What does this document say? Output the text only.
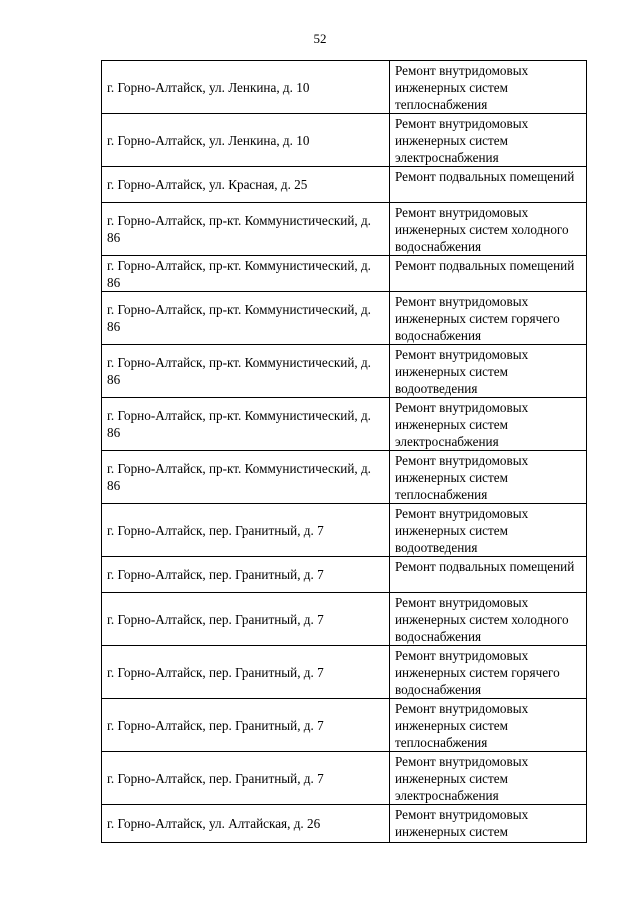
52
г. Горно-Алтайск, ул. Ленкина, д. 10	Ремонт внутридомовых инженерных систем теплоснабжения
г. Горно-Алтайск, ул. Ленкина, д. 10	Ремонт внутридомовых инженерных систем электроснабжения
г. Горно-Алтайск, ул. Красная, д. 25	Ремонт подвальных помещений
г. Горно-Алтайск, пр-кт. Коммунистический, д. 86	Ремонт внутридомовых инженерных систем холодного водоснабжения
г. Горно-Алтайск, пр-кт. Коммунистический, д. 86	Ремонт подвальных помещений
г. Горно-Алтайск, пр-кт. Коммунистический, д. 86	Ремонт внутридомовых инженерных систем горячего водоснабжения
г. Горно-Алтайск, пр-кт. Коммунистический, д. 86	Ремонт внутридомовых инженерных систем водоотведения
г. Горно-Алтайск, пр-кт. Коммунистический, д. 86	Ремонт внутридомовых инженерных систем электроснабжения
г. Горно-Алтайск, пр-кт. Коммунистический, д. 86	Ремонт внутридомовых инженерных систем теплоснабжения
г. Горно-Алтайск, пер. Гранитный, д. 7	Ремонт внутридомовых инженерных систем водоотведения
г. Горно-Алтайск, пер. Гранитный, д. 7	Ремонт подвальных помещений
г. Горно-Алтайск, пер. Гранитный, д. 7	Ремонт внутридомовых инженерных систем холодного водоснабжения
г. Горно-Алтайск, пер. Гранитный, д. 7	Ремонт внутридомовых инженерных систем горячего водоснабжения
г. Горно-Алтайск, пер. Гранитный, д. 7	Ремонт внутридомовых инженерных систем теплоснабжения
г. Горно-Алтайск, пер. Гранитный, д. 7	Ремонт внутридомовых инженерных систем электроснабжения
г. Горно-Алтайск, ул. Алтайская, д. 26	Ремонт внутридомовых инженерных систем
